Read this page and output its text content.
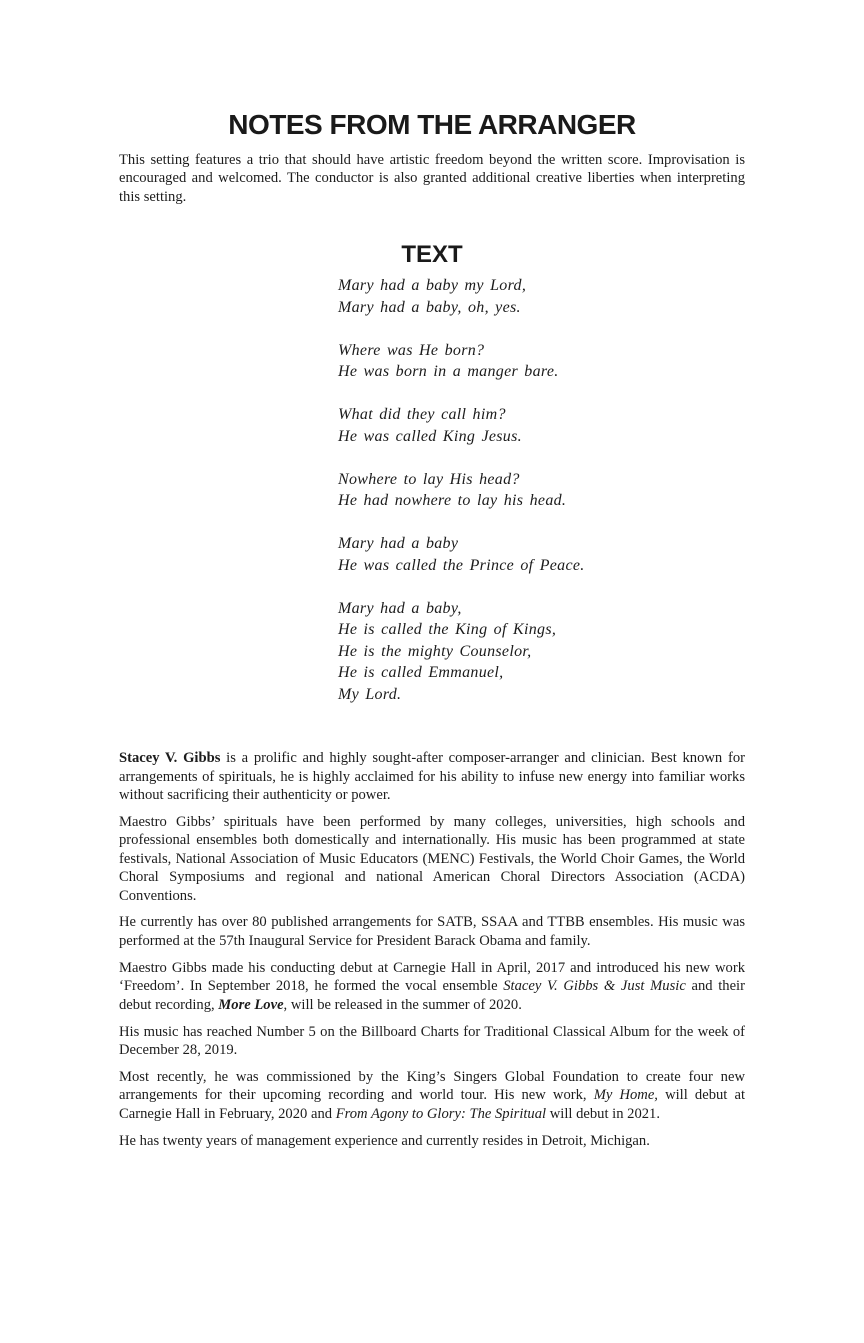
NOTES FROM THE ARRANGER

This setting features a trio that should have artistic freedom beyond the written score. Improvisation is encouraged and welcomed. The conductor is also granted additional creative liberties when interpreting this setting.

TEXT
Mary had a baby my Lord,
Mary had a baby, oh, yes.
Where was He born?
He was born in a manger bare.
What did they call him?
He was called King Jesus.
Nowhere to lay His head?
He had nowhere to lay his head.
Mary had a baby
He was called the Prince of Peace.
Mary had a baby,
He is called the King of Kings,
He is the mighty Counselor,
He is called Emmanuel,
My Lord.

Stacey V. Gibbs is a prolific and highly sought-after composer-arranger and clinician. Best known for arrangements of spirituals, he is highly acclaimed for his ability to infuse new energy into familiar works without sacrificing their authenticity or power.

Maestro Gibbs’ spirituals have been performed by many colleges, universities, high schools and professional ensembles both domestically and internationally. His music has been programmed at state festivals, National Association of Music Educators (MENC) Festivals, the World Choir Games, the World Choral Symposiums and regional and national American Choral Directors Association (ACDA) Conventions.

He currently has over 80 published arrangements for SATB, SSAA and TTBB ensembles. His music was performed at the 57th Inaugural Service for President Barack Obama and family.

Maestro Gibbs made his conducting debut at Carnegie Hall in April, 2017 and introduced his new work ‘Freedom’. In September 2018, he formed the vocal ensemble Stacey V. Gibbs & Just Music and their debut recording, More Love, will be released in the summer of 2020.

His music has reached Number 5 on the Billboard Charts for Traditional Classical Album for the week of December 28, 2019.

Most recently, he was commissioned by the King’s Singers Global Foundation to create four new arrangements for their upcoming recording and world tour. His new work, My Home, will debut at Carnegie Hall in February, 2020 and From Agony to Glory: The Spiritual will debut in 2021.

He has twenty years of management experience and currently resides in Detroit, Michigan.
